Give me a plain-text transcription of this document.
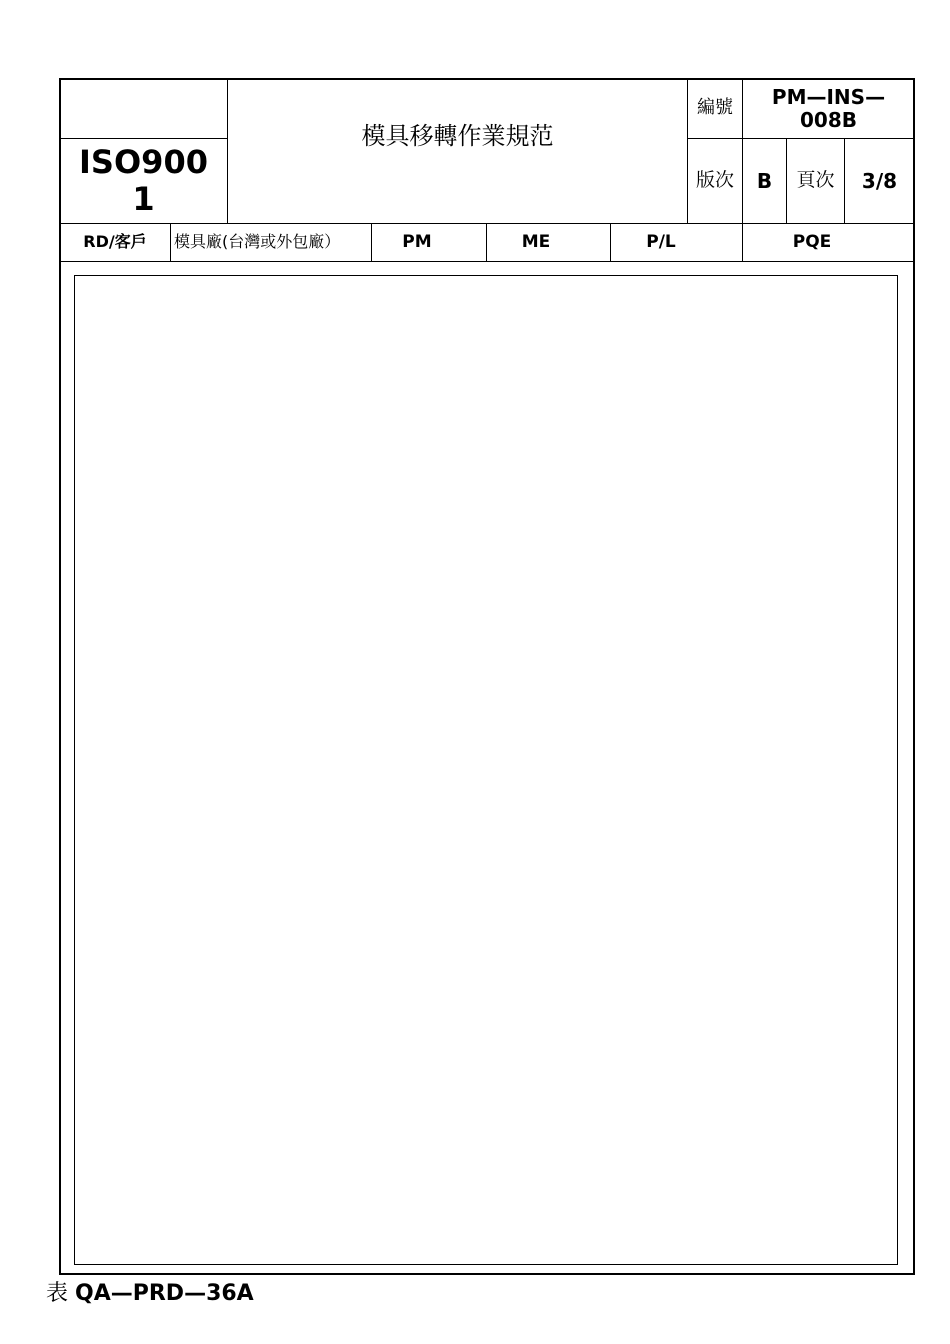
ISO9001
模具移轉作業規范
編號	PM—INS—008B
版次 B 頁次 3/8
RD/客戶 模具廠(台灣或外包廠）	PM	ME	P/L	PQE
表 QA—PRD—36A
